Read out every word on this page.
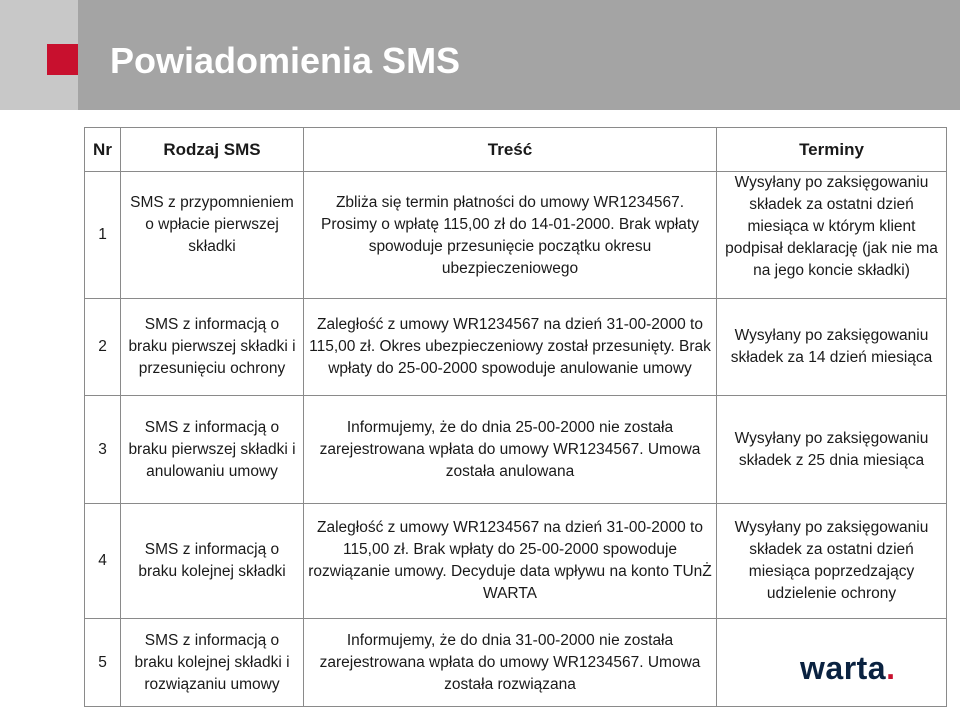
Powiadomienia SMS
Nr	Rodzaj SMS	Treść	Terminy
1	SMS z przypomnieniem o wpłacie pierwszej składki	Zbliża się termin płatności do umowy WR1234567. Prosimy o wpłatę 115,00 zł do 14-01-2000. Brak wpłaty spowoduje przesunięcie początku okresu ubezpieczeniowego	Wysyłany po zaksięgowaniu składek za ostatni dzień miesiąca w którym klient podpisał deklarację (jak nie ma na jego koncie składki)
2	SMS z informacją o braku pierwszej składki i przesunięciu ochrony	Zaległość z umowy WR1234567 na dzień 31-00-2000 to 115,00 zł. Okres ubezpieczeniowy został przesunięty. Brak wpłaty do 25-00-2000 spowoduje anulowanie umowy	Wysyłany po zaksięgowaniu składek za 14 dzień miesiąca
3	SMS z informacją o braku pierwszej składki i anulowaniu umowy	Informujemy, że do dnia 25-00-2000 nie została zarejestrowana wpłata do umowy WR1234567. Umowa została anulowana	Wysyłany po zaksięgowaniu składek z 25 dnia miesiąca
4	SMS z informacją o braku kolejnej składki	Zaległość z umowy WR1234567 na dzień 31-00-2000 to 115,00 zł. Brak wpłaty do 25-00-2000 spowoduje rozwiązanie umowy. Decyduje data wpływu na konto TUnŻ WARTA	Wysyłany po zaksięgowaniu składek za ostatni dzień miesiąca poprzedzający udzielenie ochrony
5	SMS z informacją o braku kolejnej składki i rozwiązaniu umowy	Informujemy, że do dnia 31-00-2000 nie została zarejestrowana wpłata do umowy WR1234567. Umowa została rozwiązana		warta.
